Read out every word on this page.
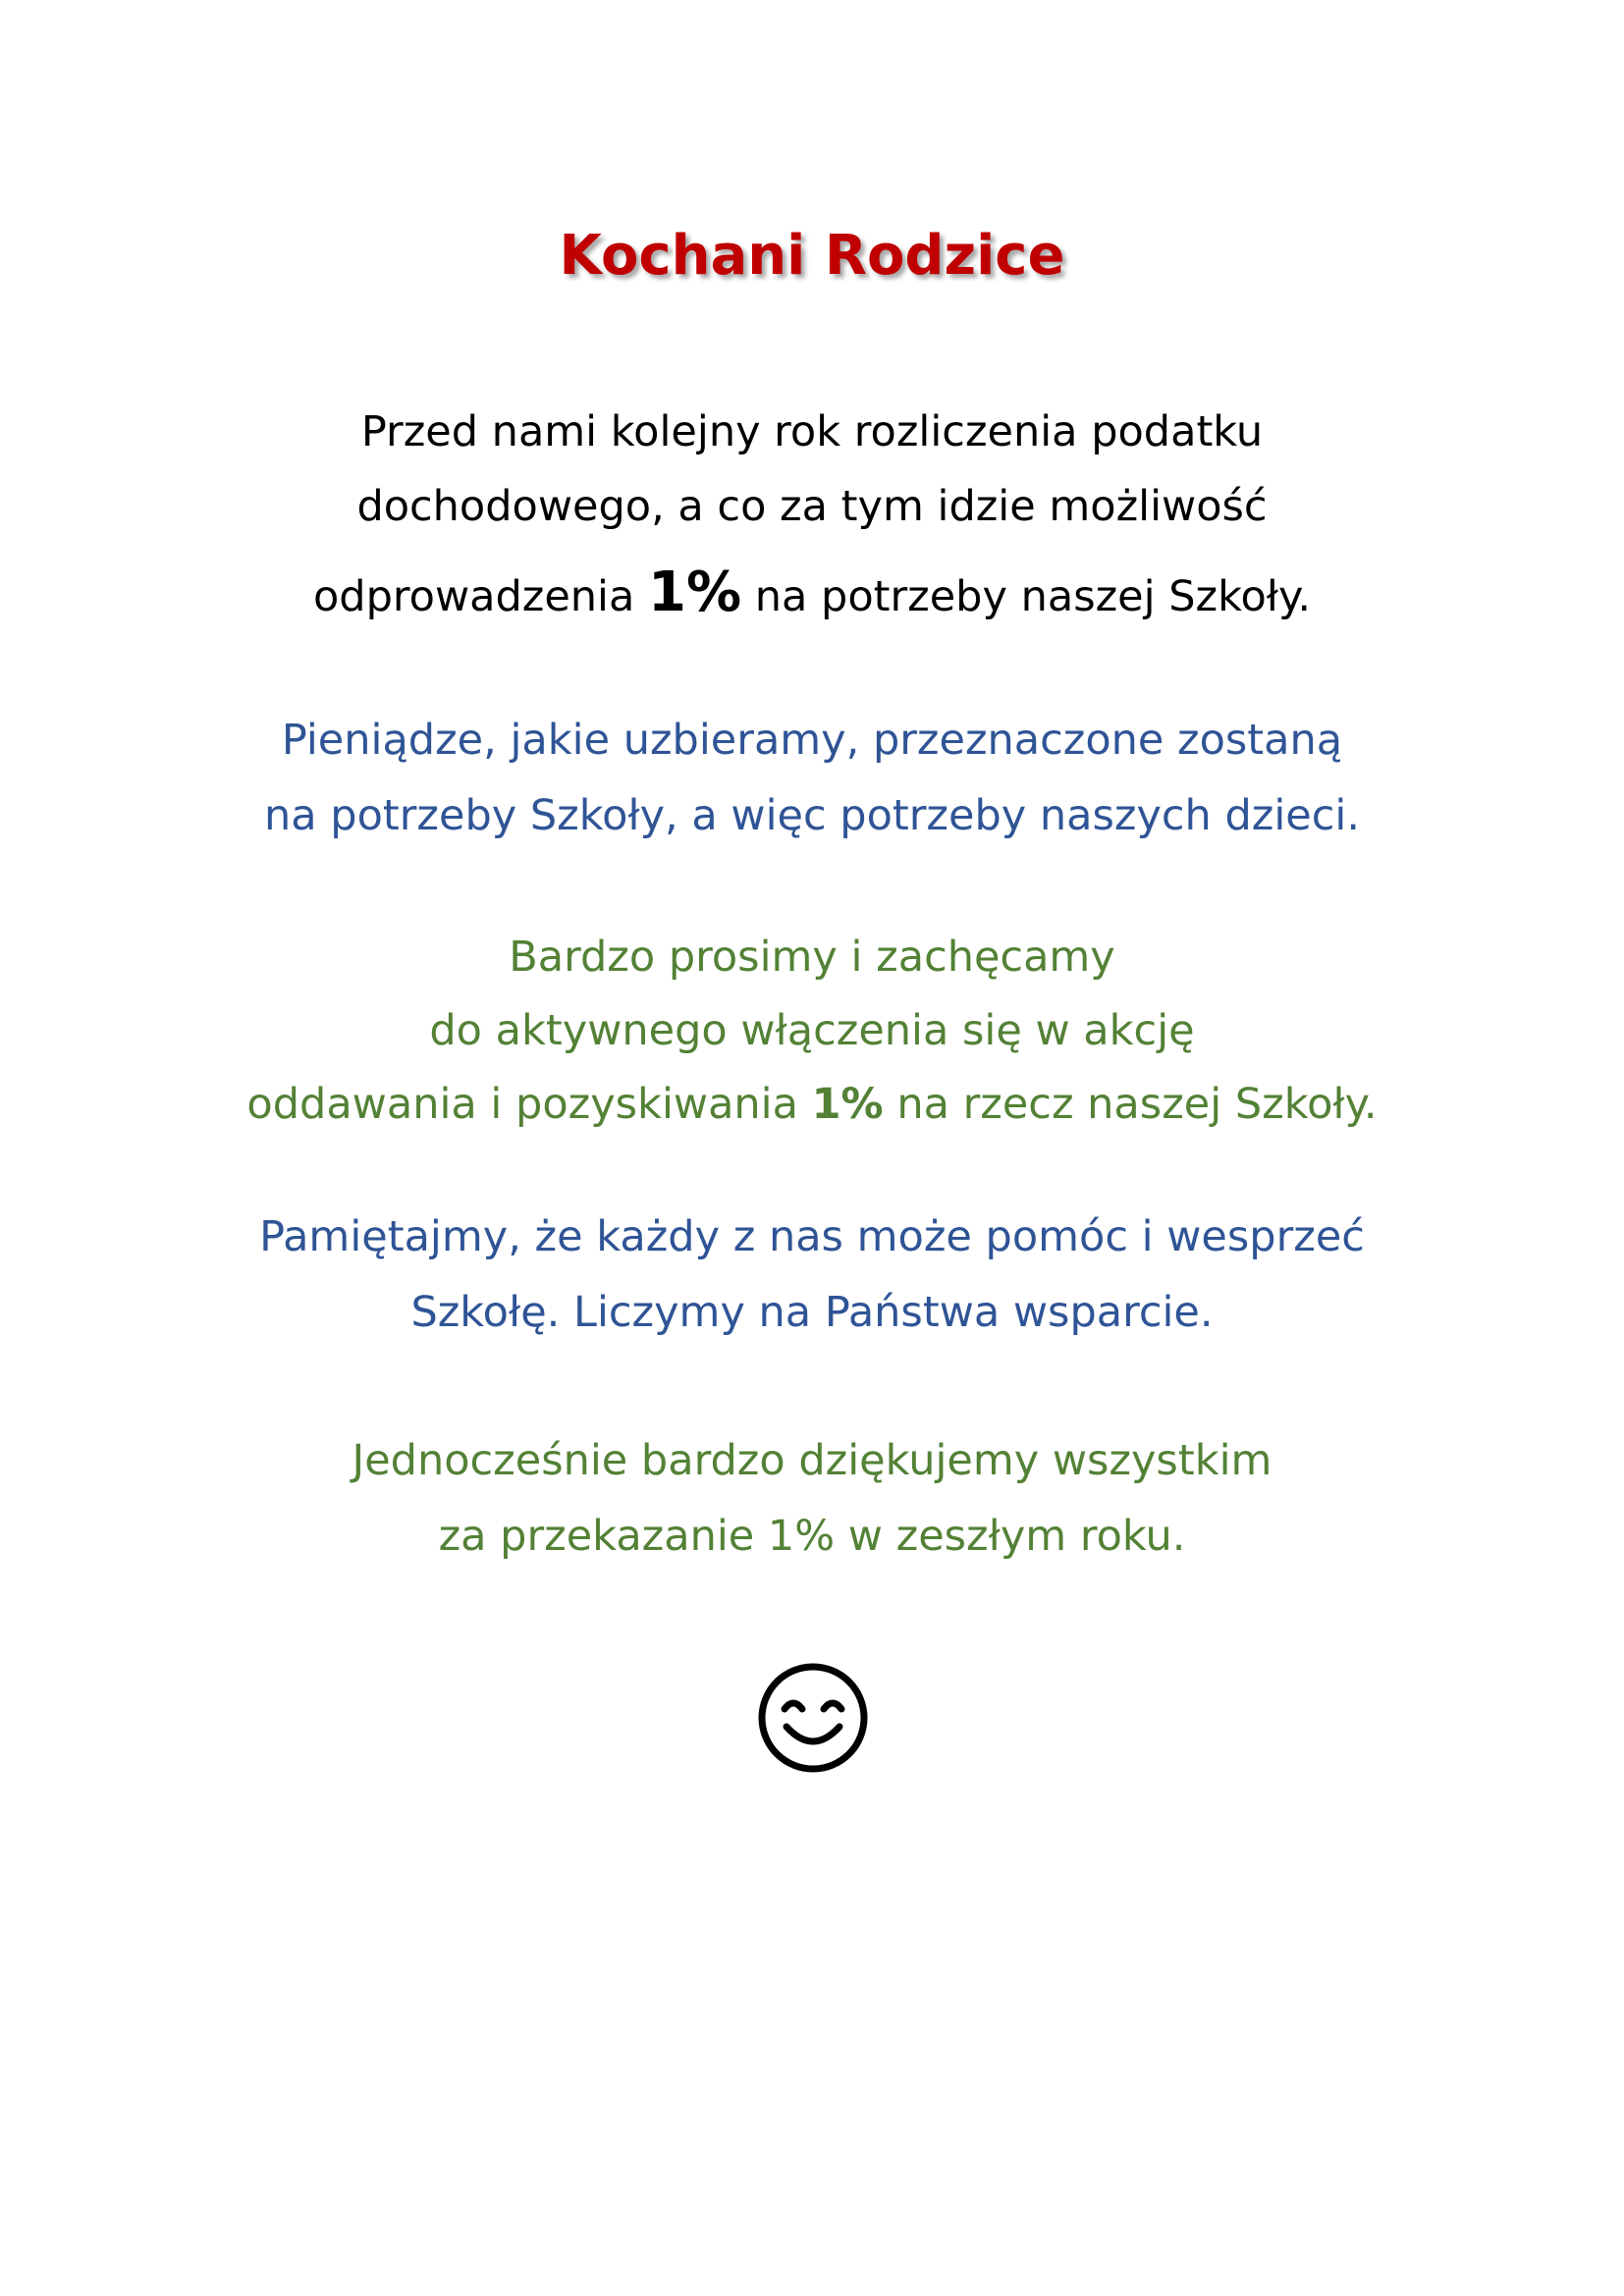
Kochani Rodzice

Przed nami kolejny rok rozliczenia podatku
dochodowego, a co za tym idzie możliwość
odprowadzenia 1% na potrzeby naszej Szkoły.

Pieniądze, jakie uzbieramy, przeznaczone zostaną
na potrzeby Szkoły, a więc potrzeby naszych dzieci.

Bardzo prosimy i zachęcamy
do aktywnego włączenia się w akcję
oddawania i pozyskiwania 1% na rzecz naszej Szkoły.

Pamiętajmy, że każdy z nas może pomóc i wesprzeć
Szkołę. Liczymy na Państwa wsparcie.

Jednocześnie bardzo dziękujemy wszystkim
za przekazanie 1% w zeszłym roku.
